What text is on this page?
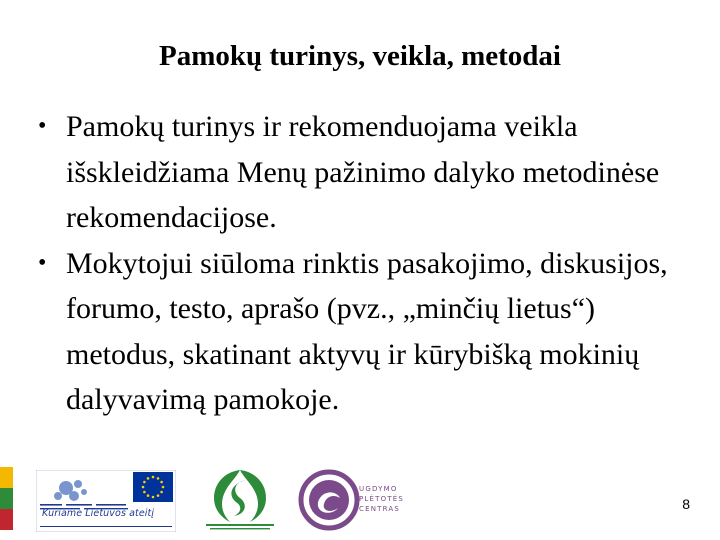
Pamokų turinys, veikla, metodai
• Pamokų turinys ir rekomenduojama veikla išskleidžiama Menų pažinimo dalyko metodinėse rekomendacijose.
• Mokytojui siūloma rinktis pasakojimo, diskusijos, forumo, testo, aprašo (pvz., „minčių lietus“) metodus, skatinant aktyvų ir kūrybišką mokinių dalyvavimą pamokoje.
Kuriame Lietuvos ateitį
UGDYMO
PLĖTOTĖS
CENTRAS	8
